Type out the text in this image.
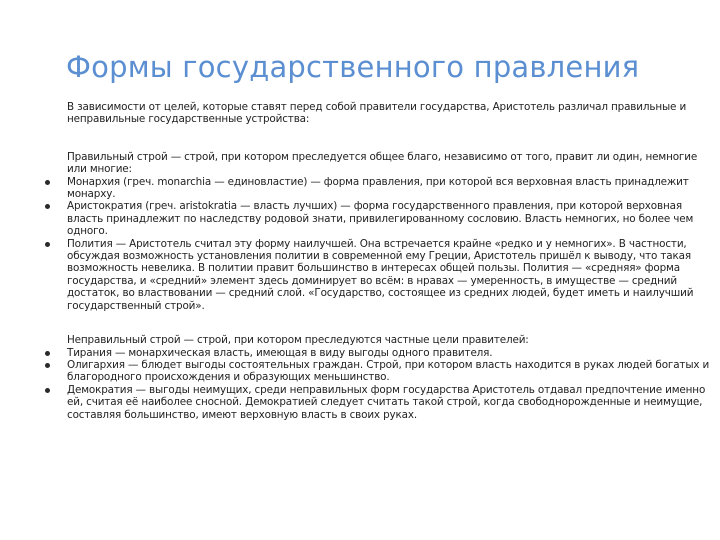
Формы государственного правления

В зависимости от целей, которые ставят перед собой правители государства, Аристотель различал правильные и неправильные государственные устройства:

Правильный строй — строй, при котором преследуется общее благо, независимо от того, правит ли один, немногие или многие:

Монархия (греч. monarchia — единовластие) — форма правления, при которой вся верховная власть принадлежит монарху.
Аристократия (греч. aristokratia — власть лучших) — форма государственного правления, при которой верховная власть принадлежит по наследству родовой знати, привилегированному сословию. Власть немногих, но более чем одного.
Полития — Аристотель считал эту форму наилучшей. Она встречается крайне «редко и у немногих». В частности, обсуждая возможность установления политии в современной ему Греции, Аристотель пришёл к выводу, что такая возможность невелика. В политии правит большинство в интересах общей пользы. Полития — «средняя» форма государства, и «средний» элемент здесь доминирует во всём: в нравах — умеренность, в имуществе — средний достаток, во властвовании — средний слой. «Государство, состоящее из средних людей, будет иметь и наилучший государственный строй».

Неправильный строй — строй, при котором преследуются частные цели правителей:

Тирания — монархическая власть, имеющая в виду выгоды одного правителя.
Олигархия — блюдет выгоды состоятельных граждан. Строй, при котором власть находится в руках людей богатых и благородного происхождения и образующих меньшинство.
Демократия — выгоды неимущих, среди неправильных форм государства Аристотель отдавал предпочтение именно ей, считая её наиболее сносной. Демократией следует считать такой строй, когда свободнорожденные и неимущие, составляя большинство, имеют верховную власть в своих руках.
